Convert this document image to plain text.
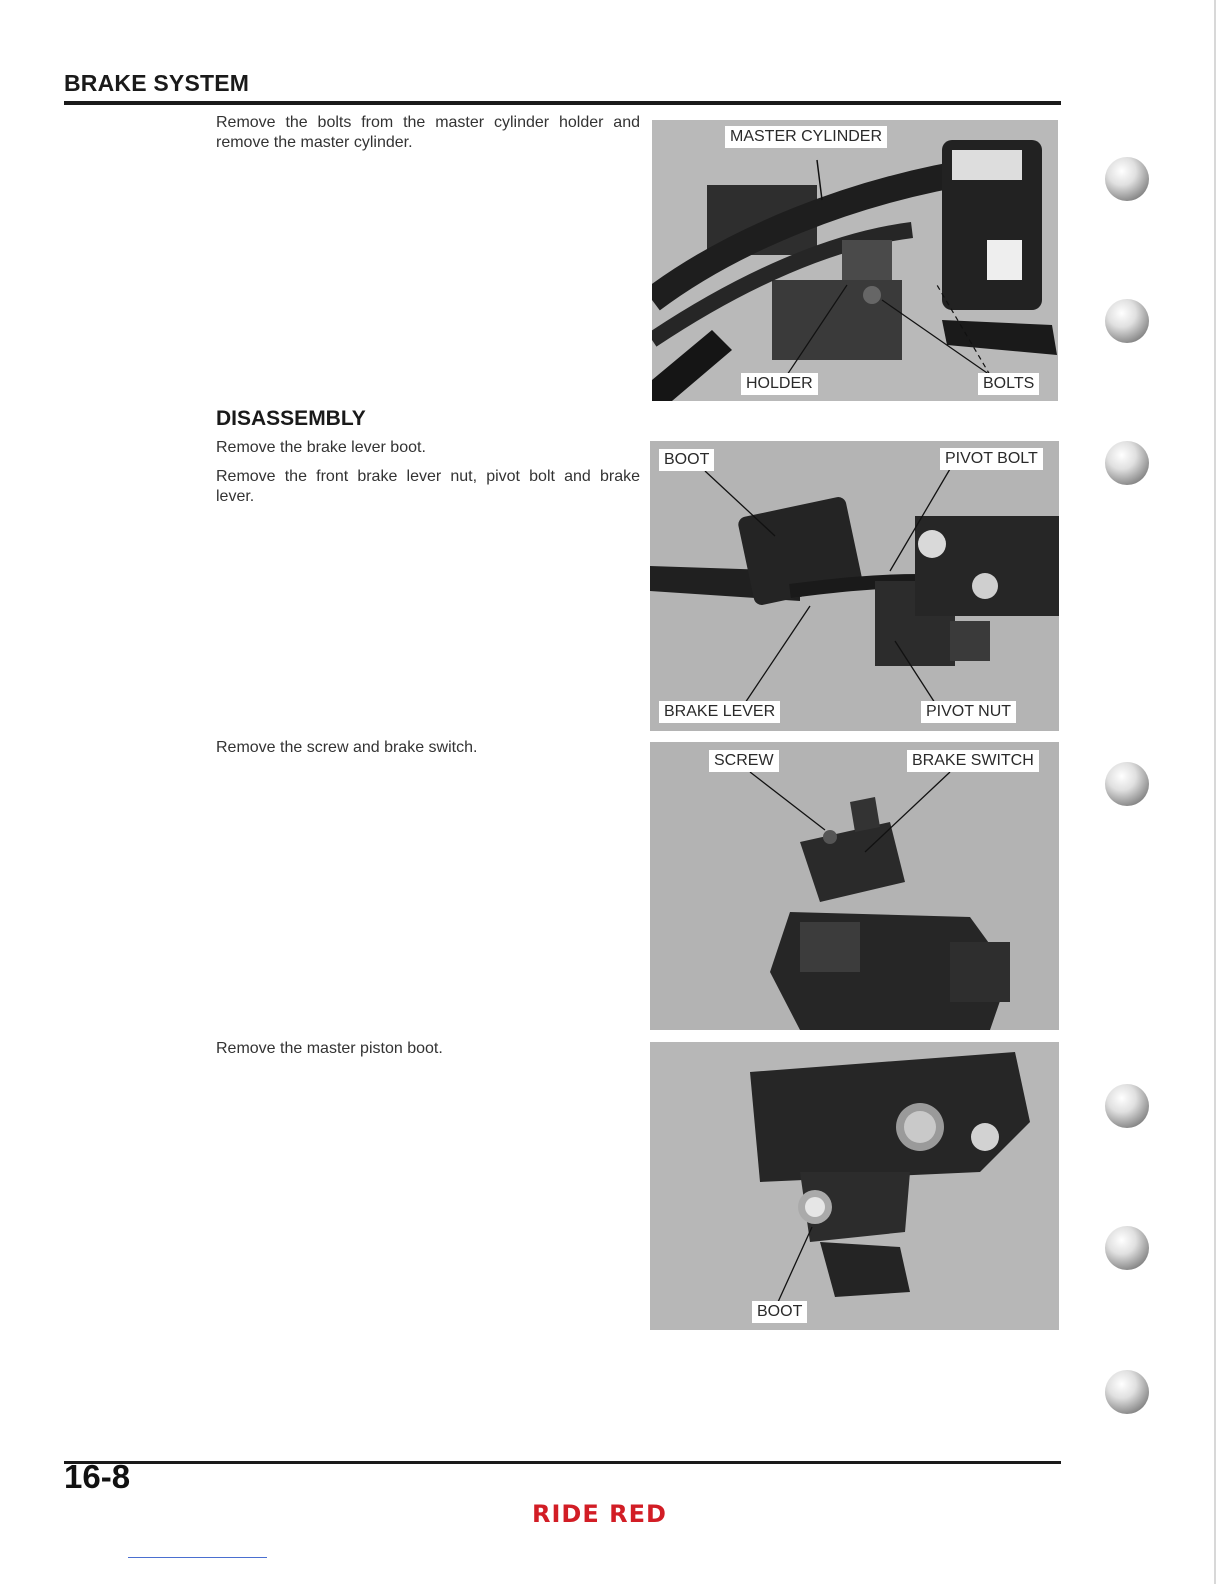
BRAKE SYSTEM
Remove the bolts from the master cylinder holder and remove the master cylinder.
DISASSEMBLY
Remove the brake lever boot.
Remove the front brake lever nut, pivot bolt and brake lever.
Remove the screw and brake switch.
Remove the master piston boot.
MASTER CYLINDER
HOLDER	BOLTS
BOOT	PIVOT BOLT
BRAKE LEVER	PIVOT NUT
SCREW	BRAKE SWITCH
BOOT
16-8
RIDE RED
